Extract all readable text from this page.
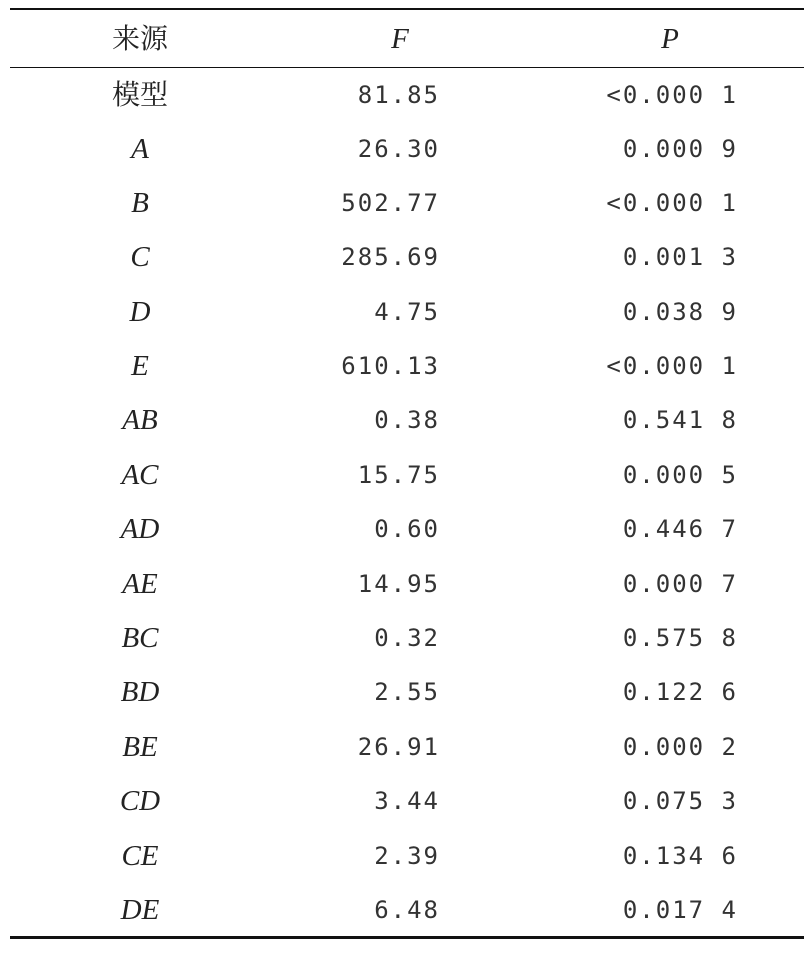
来源	F	P
模型	81.85	<0.000 1
A	26.30	0.000 9
B	502.77	<0.000 1
C	285.69	0.001 3
D	4.75	0.038 9
E	610.13	<0.000 1
AB	0.38	0.541 8
AC	15.75	0.000 5
AD	0.60	0.446 7
AE	14.95	0.000 7
BC	0.32	0.575 8
BD	2.55	0.122 6
BE	26.91	0.000 2
CD	3.44	0.075 3
CE	2.39	0.134 6
DE	6.48	0.017 4
